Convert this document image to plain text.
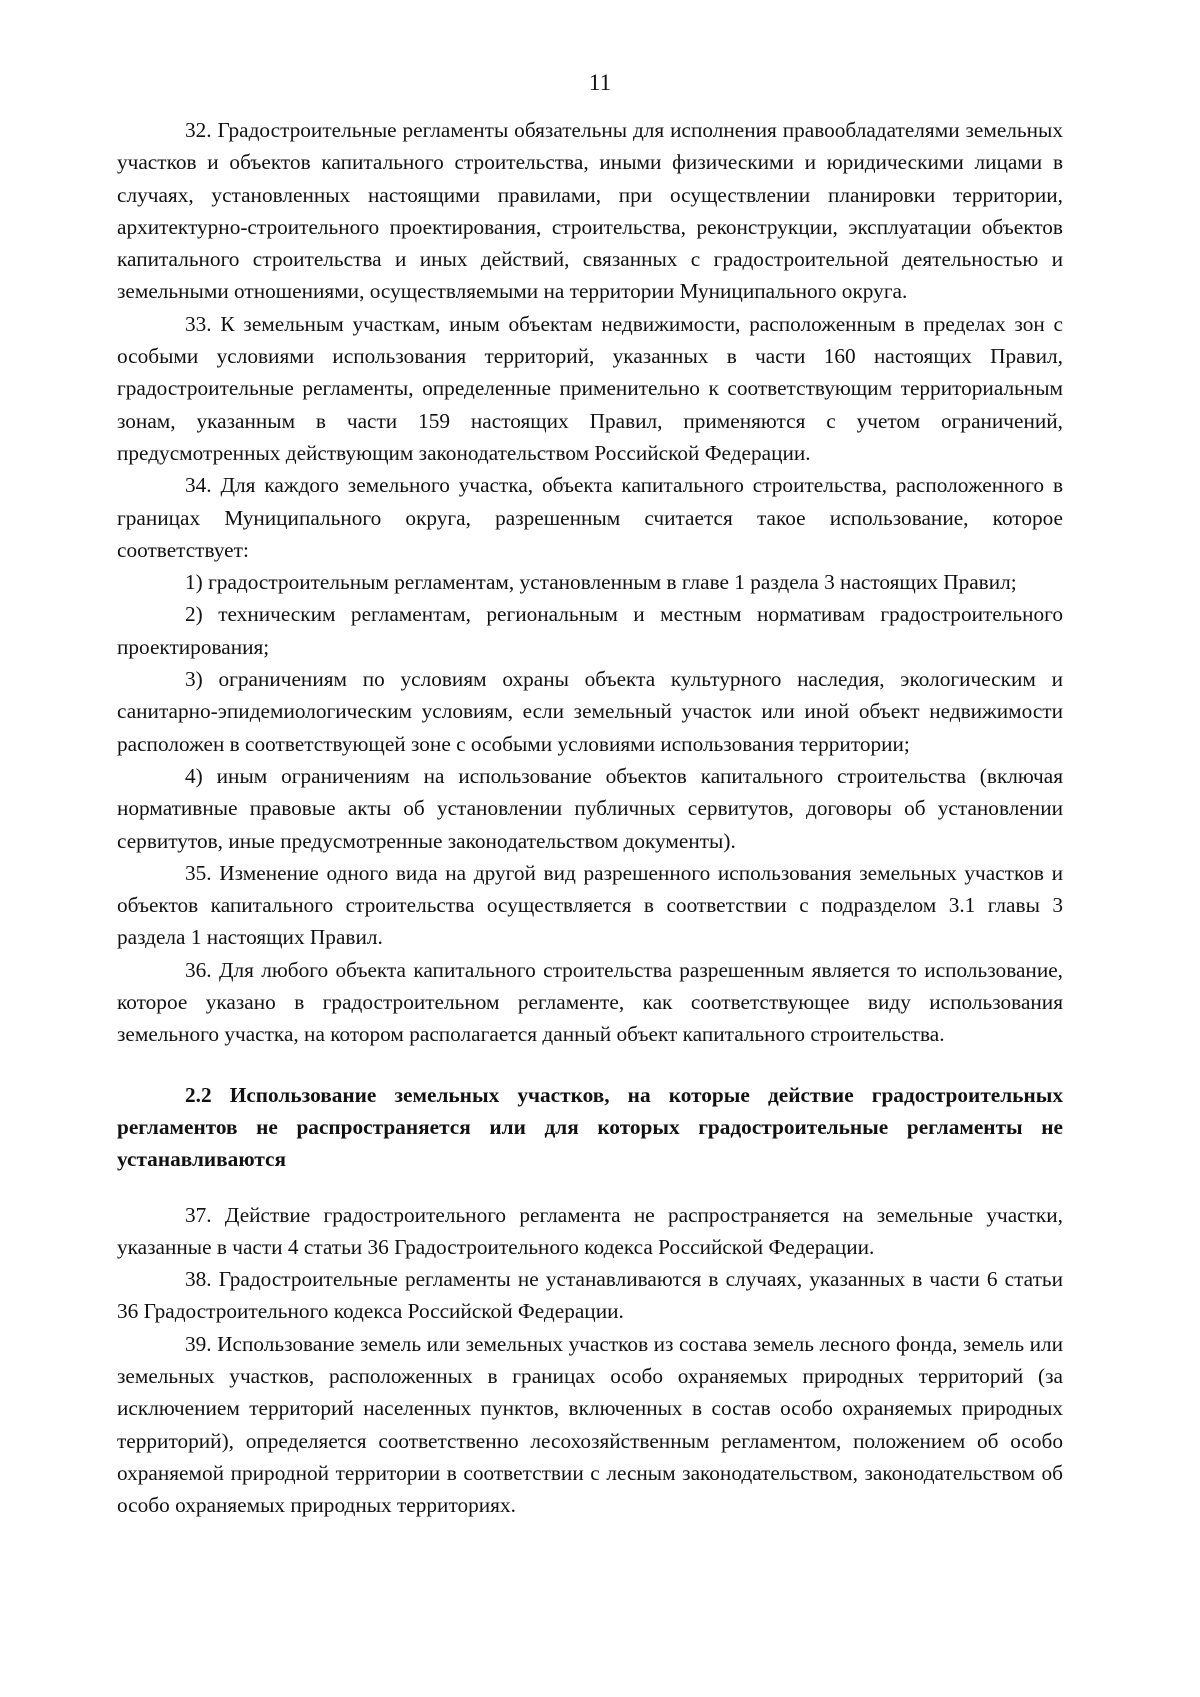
11

32. Градостроительные регламенты обязательны для исполнения правообладателями земельных участков и объектов капитального строительства, иными физическими и юридическими лицами в случаях, установленных настоящими правилами, при осуществлении планировки территории, архитектурно-строительного проектирования, строительства, реконструкции, эксплуатации объектов капитального строительства и иных действий, связанных с градостроительной деятельностью и земельными отношениями, осуществляемыми на территории Муниципального округа.

33. К земельным участкам, иным объектам недвижимости, расположенным в пределах зон с особыми условиями использования территорий, указанных в части 160 настоящих Правил, градостроительные регламенты, определенные применительно к соответствующим территориальным зонам, указанным в части 159 настоящих Правил, применяются с учетом ограничений, предусмотренных действующим законодательством Российской Федерации.

34. Для каждого земельного участка, объекта капитального строительства, расположенного в границах Муниципального округа, разрешенным считается такое использование, которое соответствует:

1) градостроительным регламентам, установленным в главе 1 раздела 3 настоящих Правил;

2) техническим регламентам, региональным и местным нормативам градостроительного проектирования;

3) ограничениям по условиям охраны объекта культурного наследия, экологическим и санитарно-эпидемиологическим условиям, если земельный участок или иной объект недвижимости расположен в соответствующей зоне с особыми условиями использования территории;

4) иным ограничениям на использование объектов капитального строительства (включая нормативные правовые акты об установлении публичных сервитутов, договоры об установлении сервитутов, иные предусмотренные законодательством документы).

35. Изменение одного вида на другой вид разрешенного использования земельных участков и объектов капитального строительства осуществляется в соответствии с подразделом 3.1 главы 3 раздела 1 настоящих Правил.

36. Для любого объекта капитального строительства разрешенным является то использование, которое указано в градостроительном регламенте, как соответствующее виду использования земельного участка, на котором располагается данный объект капитального строительства.

2.2 Использование земельных участков, на которые действие градостроительных регламентов не распространяется или для которых градостроительные регламенты не устанавливаются

37. Действие градостроительного регламента не распространяется на земельные участки, указанные в части 4 статьи 36 Градостроительного кодекса Российской Федерации.

38. Градостроительные регламенты не устанавливаются в случаях, указанных в части 6 статьи 36 Градостроительного кодекса Российской Федерации.

39. Использование земель или земельных участков из состава земель лесного фонда, земель или земельных участков, расположенных в границах особо охраняемых природных территорий (за исключением территорий населенных пунктов, включенных в состав особо охраняемых природных территорий), определяется соответственно лесохозяйственным регламентом, положением об особо охраняемой природной территории в соответствии с лесным законодательством, законодательством об особо охраняемых природных территориях.
